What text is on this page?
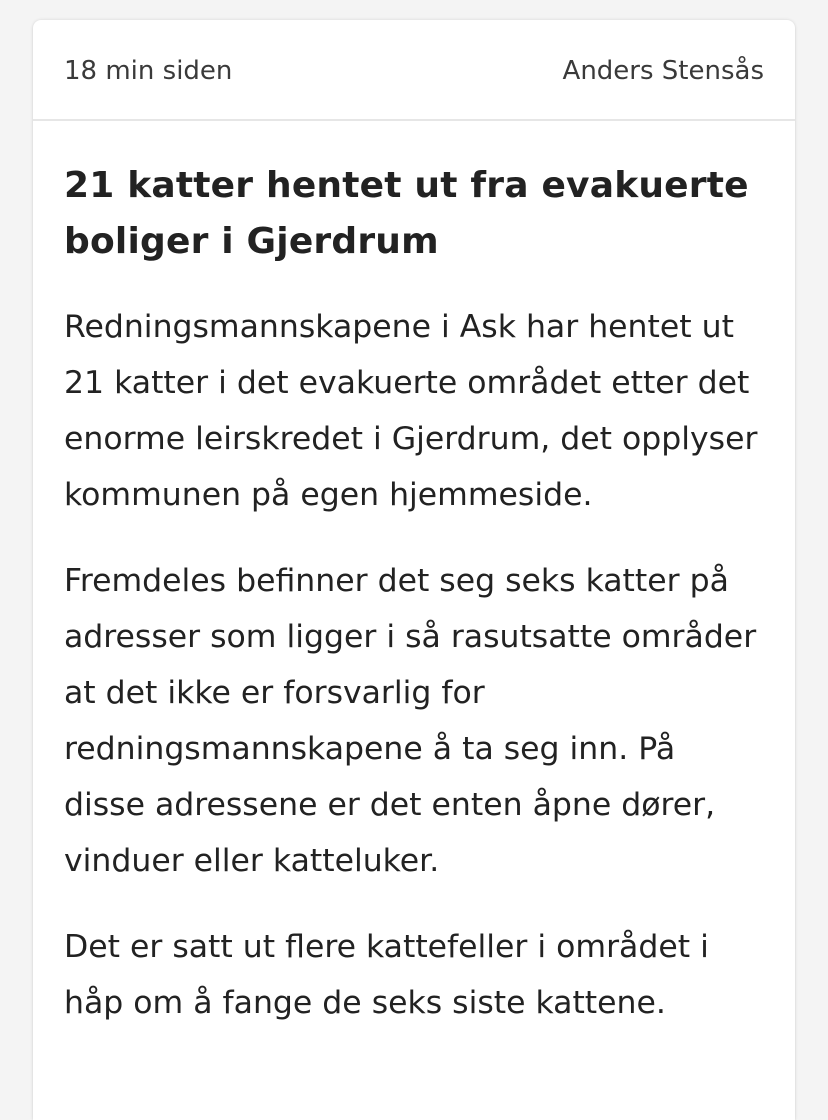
18 min siden	Anders Stensås
21 katter hentet ut fra evakuerte boliger i Gjerdrum

Redningsmannskapene i Ask har hentet ut 21 katter i det evakuerte området etter det enorme leirskredet i Gjerdrum, det opplyser kommunen på egen hjemmeside.

Fremdeles befinner det seg seks katter på adresser som ligger i så rasutsatte områder at det ikke er forsvarlig for redningsmannskapene å ta seg inn. På disse adressene er det enten åpne dører, vinduer eller katteluker.

Det er satt ut flere kattefeller i området i håp om å fange de seks siste kattene.
